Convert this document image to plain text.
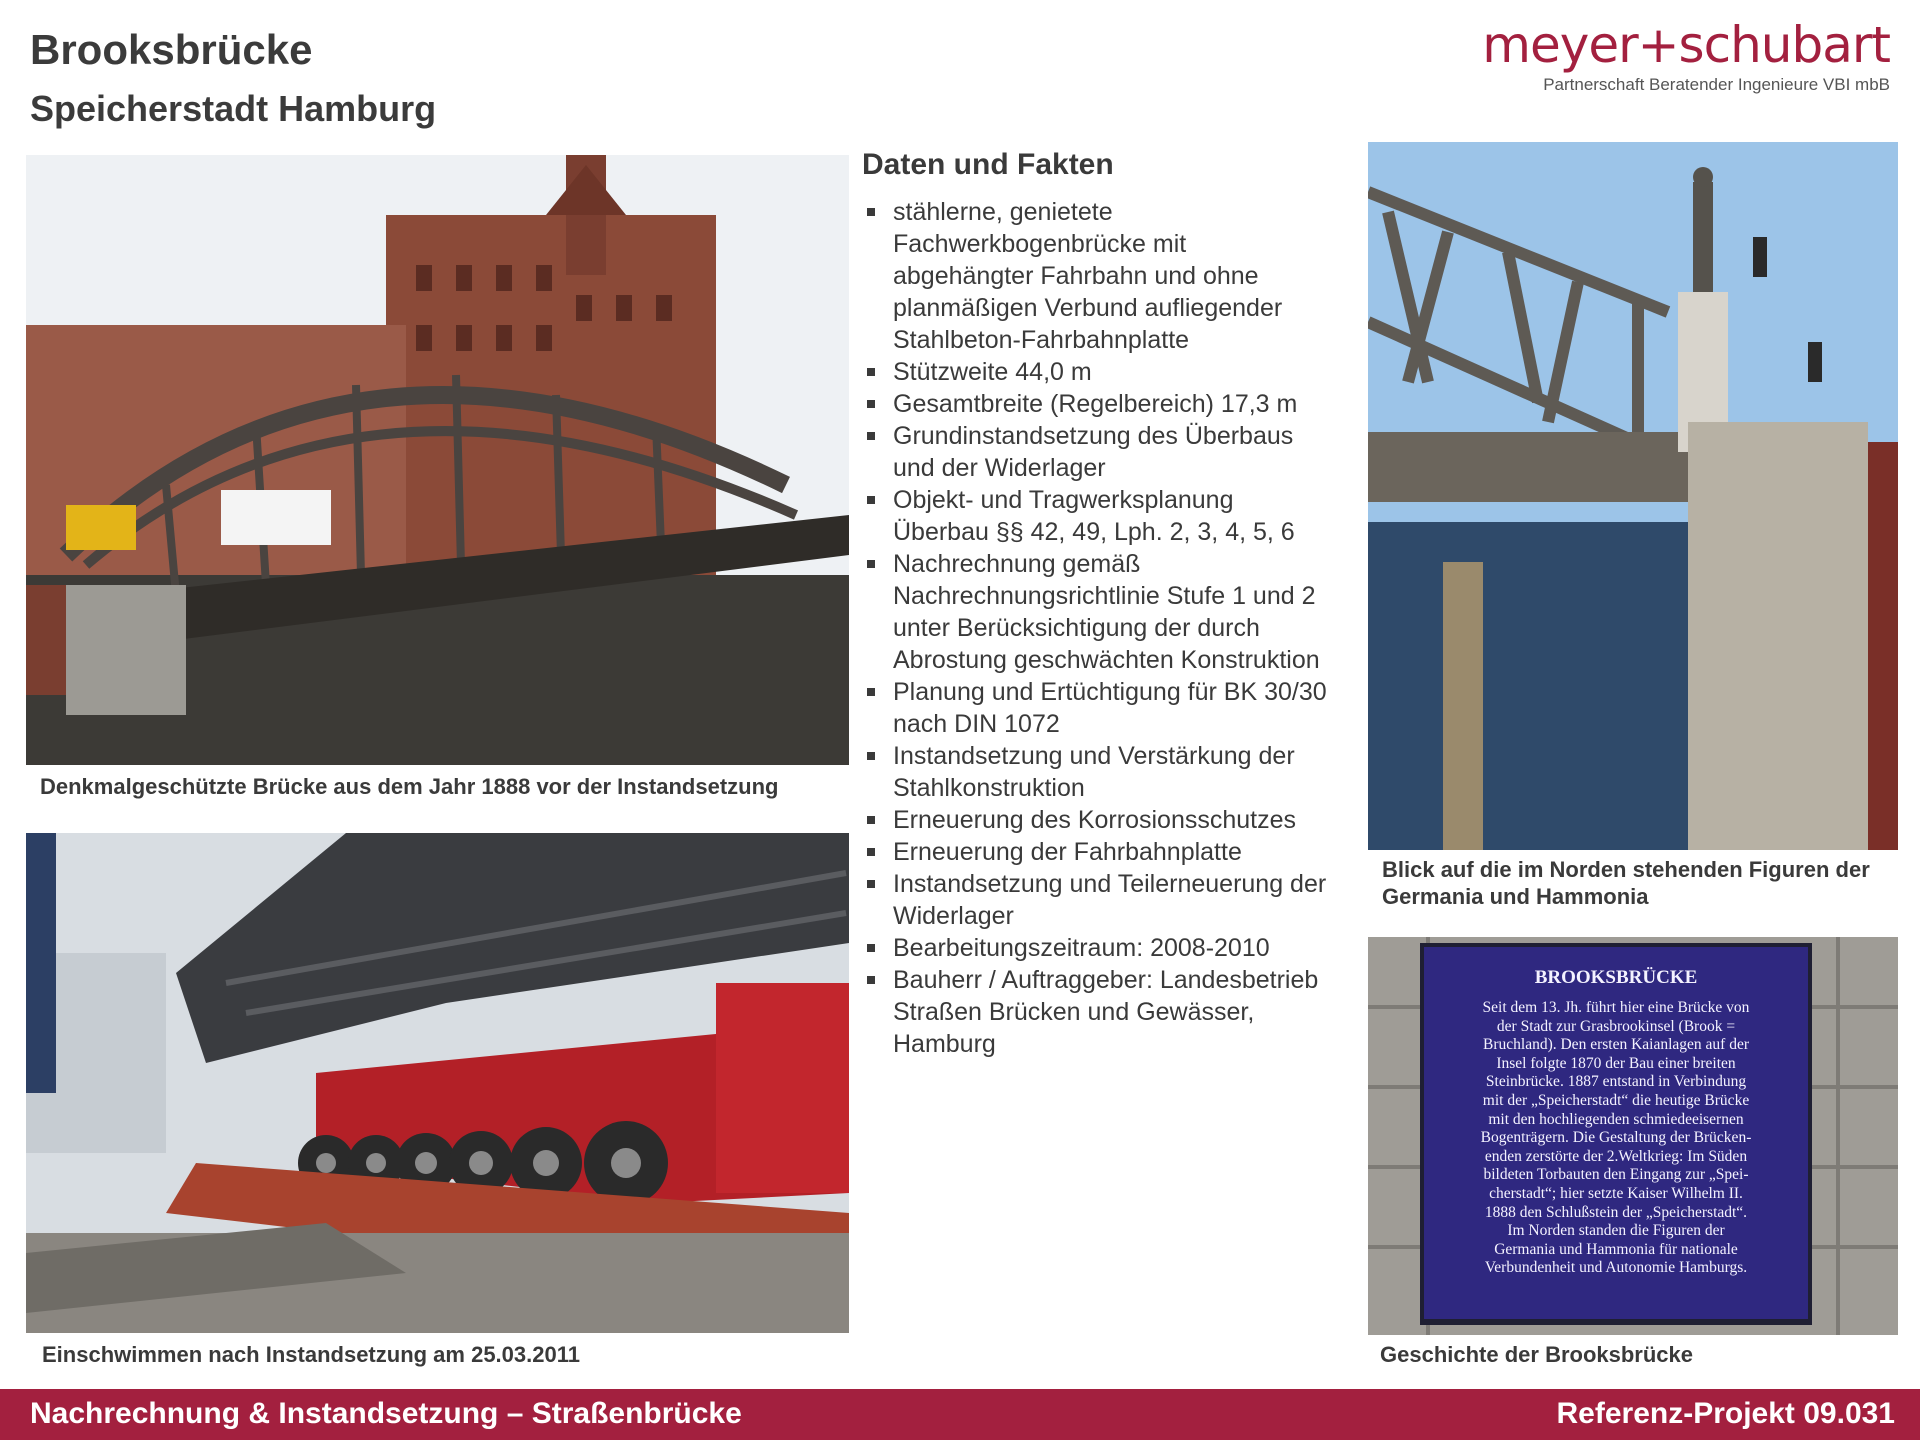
Brooksbrücke
Speicherstadt Hamburg
meyer+schubart
Partnerschaft Beratender Ingenieure VBI mbB
Denkmalgeschützte Brücke aus dem Jahr 1888 vor der Instandsetzung
Einschwimmen nach Instandsetzung am 25.03.2011
Daten und Fakten
stählerne, genietete Fachwerkbogenbrücke mit abgehängter Fahrbahn und ohne planmäßigen Verbund aufliegender Stahlbeton-Fahrbahnplatte
Stützweite 44,0 m
Gesamtbreite (Regelbereich) 17,3 m
Grundinstandsetzung des Überbaus und der Widerlager
Objekt- und Tragwerksplanung Überbau §§ 42, 49, Lph. 2, 3, 4, 5, 6
Nachrechnung gemäß Nachrechnungsrichtlinie Stufe 1 und 2 unter Berücksichtigung der durch Abrostung geschwächten Konstruktion
Planung und Ertüchtigung für BK 30/30 nach DIN 1072
Instandsetzung und Verstärkung der Stahlkonstruktion
Erneuerung des Korrosionsschutzes
Erneuerung der Fahrbahnplatte
Instandsetzung und Teilerneuerung der Widerlager
Bearbeitungszeitraum: 2008-2010
Bauherr / Auftraggeber: Landesbetrieb Straßen Brücken und Gewässer, Hamburg
Blick auf die im Norden stehenden Figuren der Germania und Hammonia
BROOKSBRÜCKE
Seit dem 13. Jh. führt hier eine Brücke von
der Stadt zur Grasbrookinsel (Brook =
Bruchland). Den ersten Kaianlagen auf der
Insel folgte 1870 der Bau einer breiten
Steinbrücke. 1887 entstand in Verbindung
mit der „Speicherstadt“ die heutige Brücke
mit den hochliegenden schmiedeeisernen
Bogenträgern. Die Gestaltung der Brücken-
enden zerstörte der 2.Weltkrieg: Im Süden
bildeten Torbauten den Eingang zur „Spei-
cherstadt“; hier setzte Kaiser Wilhelm II.
1888 den Schlußstein der „Speicherstadt“.
Im Norden standen die Figuren der
Germania und Hammonia für nationale
Verbundenheit und Autonomie Hamburgs.
Geschichte der Brooksbrücke
Nachrechnung & Instandsetzung – Straßenbrücke	Referenz-Projekt 09.031
